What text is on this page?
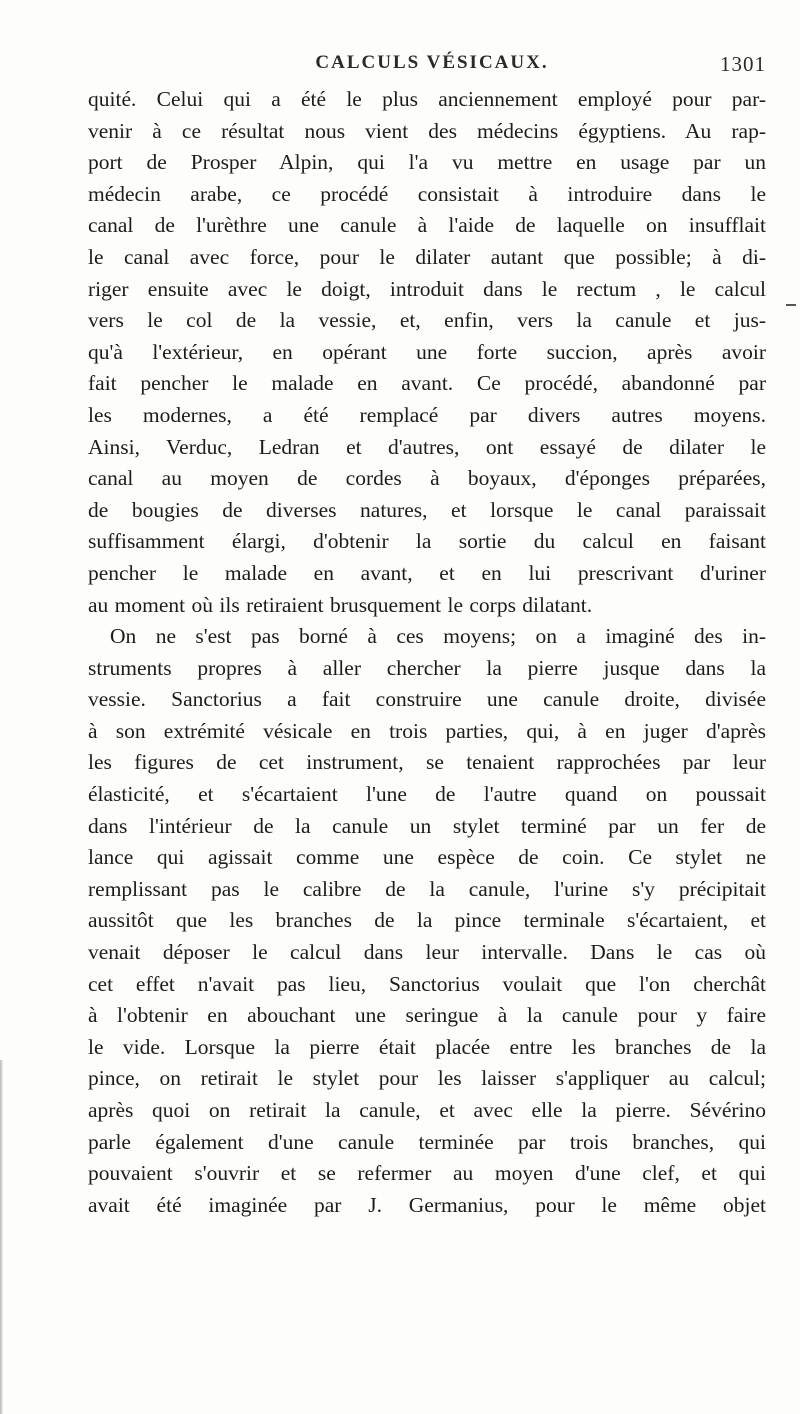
CALCULS VÉSICAUX.	1301
quité. Celui qui a été le plus anciennement employé pour par-
venir à ce résultat nous vient des médecins égyptiens. Au rap-
port de Prosper Alpin, qui l'a vu mettre en usage par un
médecin arabe, ce procédé consistait à introduire dans le
canal de l'urèthre une canule à l'aide de laquelle on insufflait
le canal avec force, pour le dilater autant que possible; à di-
riger ensuite avec le doigt, introduit dans le rectum , le calcul
vers le col de la vessie, et, enfin, vers la canule et jus-
qu'à l'extérieur, en opérant une forte succion, après avoir
fait pencher le malade en avant. Ce procédé, abandonné par
les modernes, a été remplacé par divers autres moyens.
Ainsi, Verduc, Ledran et d'autres, ont essayé de dilater le
canal au moyen de cordes à boyaux, d'éponges préparées,
de bougies de diverses natures, et lorsque le canal paraissait
suffisamment élargi, d'obtenir la sortie du calcul en faisant
pencher le malade en avant, et en lui prescrivant d'uriner
au moment où ils retiraient brusquement le corps dilatant.
On ne s'est pas borné à ces moyens; on a imaginé des in-
struments propres à aller chercher la pierre jusque dans la
vessie. Sanctorius a fait construire une canule droite, divisée
à son extrémité vésicale en trois parties, qui, à en juger d'après
les figures de cet instrument, se tenaient rapprochées par leur
élasticité, et s'écartaient l'une de l'autre quand on poussait
dans l'intérieur de la canule un stylet terminé par un fer de
lance qui agissait comme une espèce de coin. Ce stylet ne
remplissant pas le calibre de la canule, l'urine s'y précipitait
aussitôt que les branches de la pince terminale s'écartaient, et
venait déposer le calcul dans leur intervalle. Dans le cas où
cet effet n'avait pas lieu, Sanctorius voulait que l'on cherchât
à l'obtenir en abouchant une seringue à la canule pour y faire
le vide. Lorsque la pierre était placée entre les branches de la
pince, on retirait le stylet pour les laisser s'appliquer au calcul;
après quoi on retirait la canule, et avec elle la pierre. Sévérino
parle également d'une canule terminée par trois branches, qui
pouvaient s'ouvrir et se refermer au moyen d'une clef, et qui
avait été imaginée par J. Germanius, pour le même objet
